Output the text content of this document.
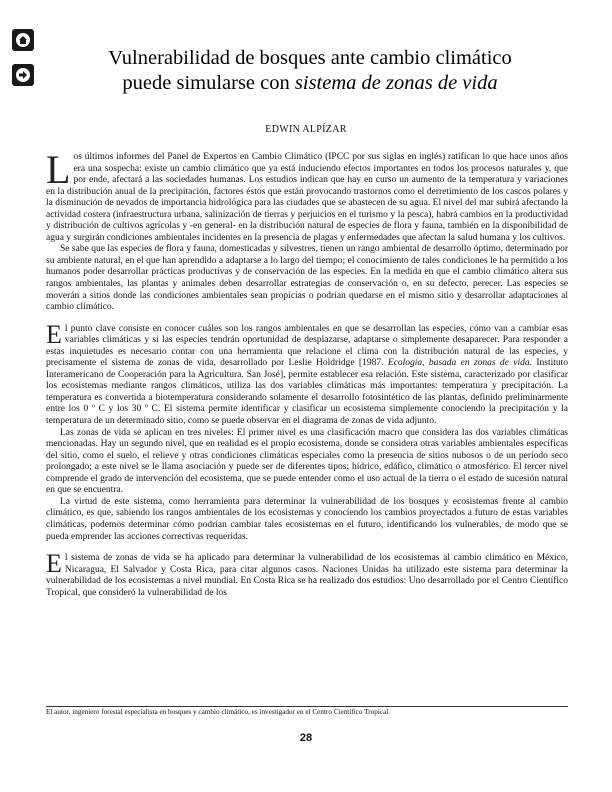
Vulnerabilidad de bosques ante cambio climático
puede simularse con sistema de zonas de vida
EDWIN ALPÍZAR

Los últimos informes del Panel de Expertos en Cambio Climático (IPCC por sus siglas en inglés) ratifican lo que hace unos años era una sospecha: existe un cambio climático que ya está induciendo efectos importantes en todos los procesos naturales y, que por ende, afectará a las sociedades humanas. Los estudios indican que hay en curso un aumento de la temperatura y variaciones en la distribución anual de la precipitación, factores éstos que están provocando trastornos como el derretimiento de los cascos polares y la disminución de nevados de importancia hidrológica para las ciudades que se abastecen de su agua. El nivel del mar subirá afectando la actividad costera (infraestructura urbana, salinización de tierras y perjuicios en el turismo y la pesca), habrá cambios en la productividad y distribución de cultivos agrícolas y -en general- en la distribución natural de especies de flora y fauna, también en la disponibilidad de agua y surgirán condiciones ambientales incidentes en la presencia de plagas y enfermedades que afectan la salud humana y los cultivos.

Se sabe que las especies de flora y fauna, domesticadas y silvestres, tienen un rango ambiental de desarrollo óptimo, determinado por su ambiente natural, en el que han aprendido a adaptarse a lo largo del tiempo; el conocimiento de tales condiciones le ha permitido a los humanos poder desarrollar prácticas productivas y de conservación de las especies. En la medida en que el cambio climático altera sus rangos ambientales, las plantas y animales deben desarrollar estrategias de conservación o, en su defecto, perecer. Las especies se moverán a sitios donde las condiciones ambientales sean propicias o podrían quedarse en el mismo sitio y desarrollar adaptaciones al cambio climático.

El punto clave consiste en conocer cuáles son los rangos ambientales en que se desarrollan las especies, cómo van a cambiar esas variables climáticas y si las especies tendrán oportunidad de desplazarse, adaptarse o simplemente desaparecer. Para responder a estas inquietudes es necesario contar con una herramienta que relacione el clima con la distribución natural de las especies, y precisamente el sistema de zonas de vida, desarrollado por Leslie Holdridge [1987. Ecología, basada en zonas de vida. Instituto Interamericano de Cooperación para la Agricultura. San José], permite establecer esa relación. Este sistema, caracterizado por clasificar los ecosistemas mediante rangos climáticos, utiliza las dos variables climáticas más importantes: temperatura y precipitación. La temperatura es convertida a biotemperatura considerando solamente el desarrollo fotosintético de las plantas, definido preliminarmente entre los 0 º C y los 30 º C. El sistema permite identificar y clasificar un ecosistema simplemente conociendo la precipitación y la temperatura de un determinado sitio, como se puede observar en el diagrama de zonas de vida adjunto.

Las zonas de vida se aplican en tres niveles: El primer nivel es una clasificación macro que considera las dos variables climáticas mencionadas. Hay un segundo nivel, que en realidad es el propio ecosistema, donde se considera otras variables ambientales específicas del sitio, como el suelo, el relieve y otras condiciones climáticas especiales como la presencia de sitios nubosos o de un período seco prolongado; a este nivel se le llama asociación y puede ser de diferentes tipos: hídrico, edáfico, climático o atmosférico. El tercer nivel comprende el grado de intervención del ecosistema, que se puede entender como el uso actual de la tierra o el estado de sucesión natural en que se encuentra.

La virtud de este sistema, como herramienta para determinar la vulnerabilidad de los bosques y ecosistemas frente al cambio climático, es que, sabiendo los rangos ambientales de los ecosistemas y conociendo los cambios proyectados a futuro de estas variables climáticas, podemos determinar cómo podrían cambiar tales ecosistemas en el futuro, identificando los vulnerables, de modo que se pueda emprender las acciones correctivas requeridas.

El sistema de zonas de vida se ha aplicado para determinar la vulnerabilidad de los ecosistemas al cambio climático en México, Nicaragua, El Salvador y Costa Rica, para citar algunos casos. Naciones Unidas ha utilizado este sistema para determinar la vulnerabilidad de los ecosistemas a nivel mundial. En Costa Rica se ha realizado dos estudios: Uno desarrollado por el Centro Científico Tropical, que consideró la vulnerabilidad de los

El autor, ingeniero forestal especialista en bosques y cambio climático, es investigador en el Centro Científico Tropical.
28
